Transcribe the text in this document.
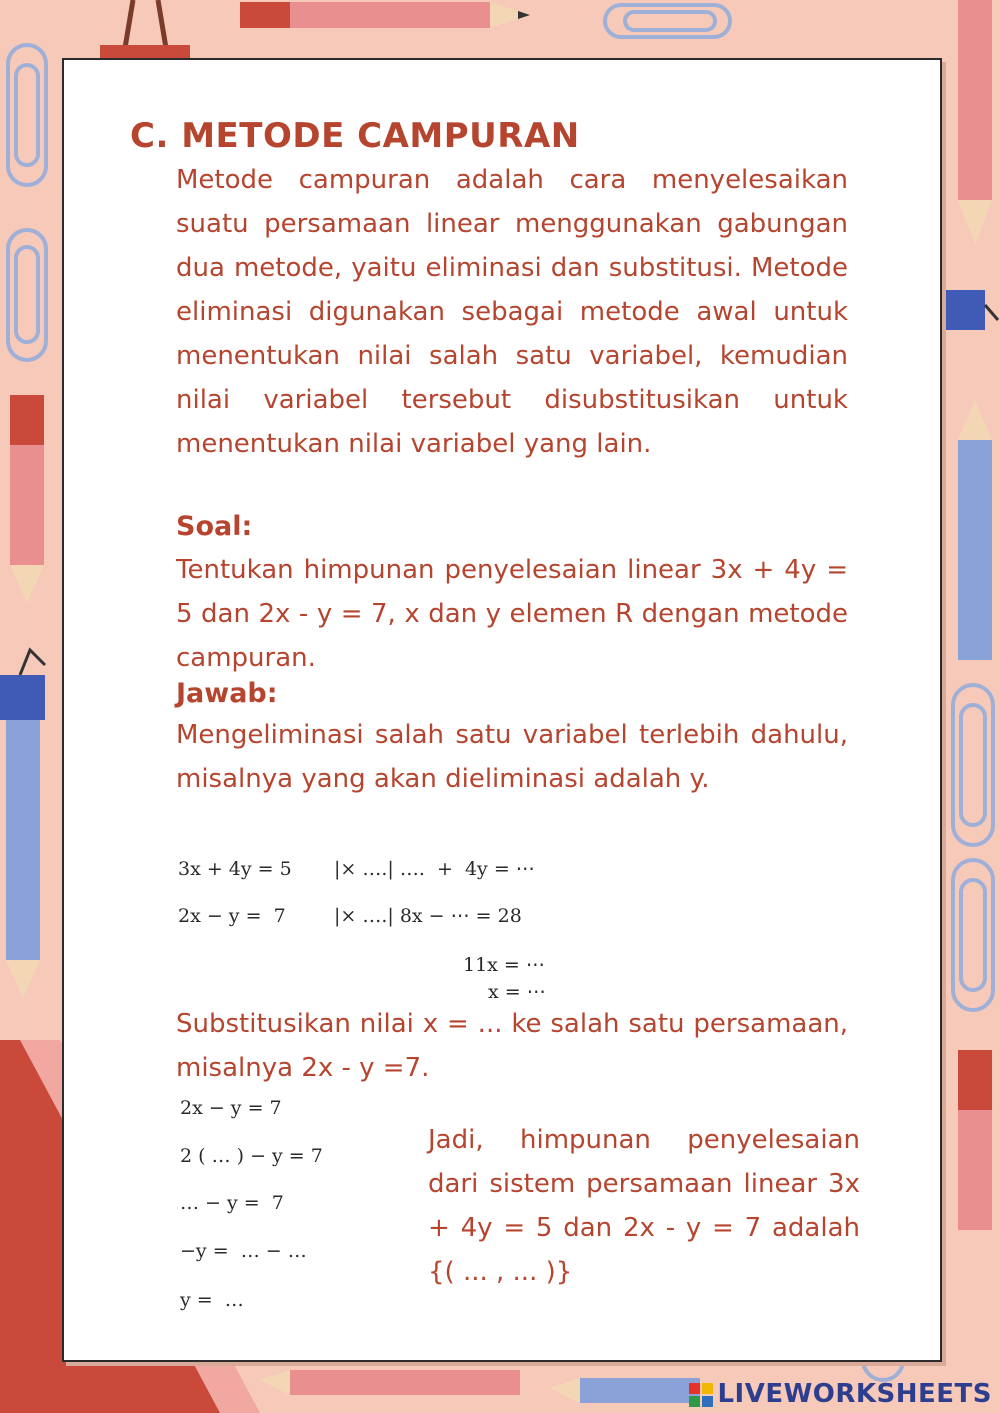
C. METODE CAMPURAN
Metode campuran adalah cara menyelesaikan suatu persamaan linear menggunakan gabungan dua metode, yaitu eliminasi dan substitusi. Metode eliminasi digunakan sebagai metode awal untuk menentukan nilai salah satu variabel, kemudian nilai variabel tersebut disubstitusikan untuk menentukan nilai variabel yang lain.
Soal:
Tentukan himpunan penyelesaian linear 3x + 4y = 5 dan 2x - y = 7, x dan y elemen R dengan metode campuran.
Jawab:
Mengeliminasi salah satu variabel terlebih dahulu, misalnya yang akan dieliminasi adalah y.
3x + 4y = 5 |× ….| ….  +  4y = ⋯
2x − y =  7	|× ….| 8x − ⋯ = 28
11x = ⋯
x = ⋯
Substitusikan nilai x = ... ke salah satu persamaan, misalnya 2x - y =7.
2x − y = 7
2 ( … ) − y = 7
… − y =  7
−y =  … − …
y =  …
Jadi, himpunan penyelesaian dari sistem persamaan linear 3x + 4y = 5 dan 2x - y = 7 adalah {( ... , ... )}
LIVEWORKSHEETS
